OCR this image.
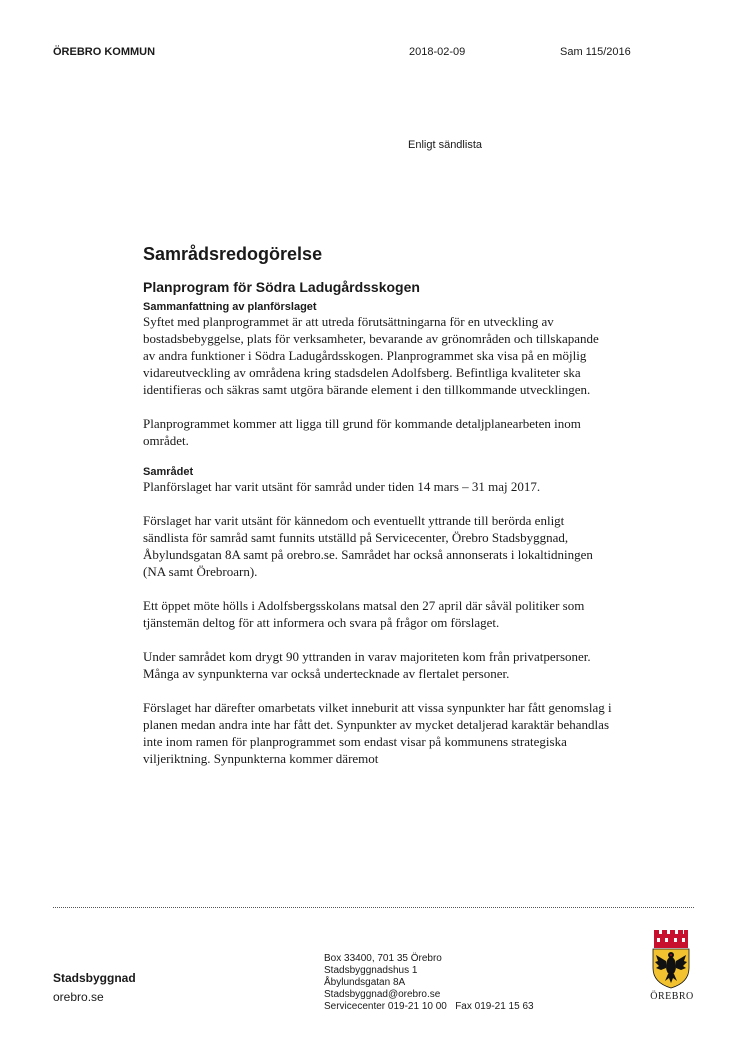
ÖREBRO KOMMUN	2018-02-09	Sam 115/2016
Enligt sändlista
Samrådsredogörelse
Planprogram för Södra Ladugårdsskogen
Sammanfattning av planförslaget

Syftet med planprogrammet är att utreda förutsättningarna för en utveckling av bostadsbebyggelse, plats för verksamheter, bevarande av grönområden och tillskapande av andra funktioner i Södra Ladugårdsskogen. Planprogrammet ska visa på en möjlig vidareutveckling av områdena kring stadsdelen Adolfsberg. Befintliga kvaliteter ska identifieras och säkras samt utgöra bärande element i den tillkommande utvecklingen.

Planprogrammet kommer att ligga till grund för kommande detaljplanearbeten inom området.

Samrådet

Planförslaget har varit utsänt för samråd under tiden 14 mars – 31 maj 2017.

Förslaget har varit utsänt för kännedom och eventuellt yttrande till berörda enligt sändlista för samråd samt funnits utställd på Servicecenter, Örebro Stadsbyggnad, Åbylundsgatan 8A samt på orebro.se. Samrådet har också annonserats i lokaltidningen (NA samt Örebroarn).

Ett öppet möte hölls i Adolfsbergsskolans matsal den 27 april där såväl politiker som tjänstemän deltog för att informera och svara på frågor om förslaget.

Under samrådet kom drygt 90 yttranden in varav majoriteten kom från privatpersoner. Många av synpunkterna var också undertecknade av flertalet personer.

Förslaget har därefter omarbetats vilket inneburit att vissa synpunkter har fått genomslag i planen medan andra inte har fått det. Synpunkter av mycket detaljerad karaktär behandlas inte inom ramen för planprogrammet som endast visar på kommunens strategiska viljeriktning. Synpunkterna kommer däremot

Stadsbyggnad
orebro.se
Box 33400, 701 35 Örebro
Stadsbyggnadshus 1
Åbylundsgatan 8A
Stadsbyggnad@orebro.se
Servicecenter 019-21 10 00   Fax 019-21 15 63
ÖREBRO
